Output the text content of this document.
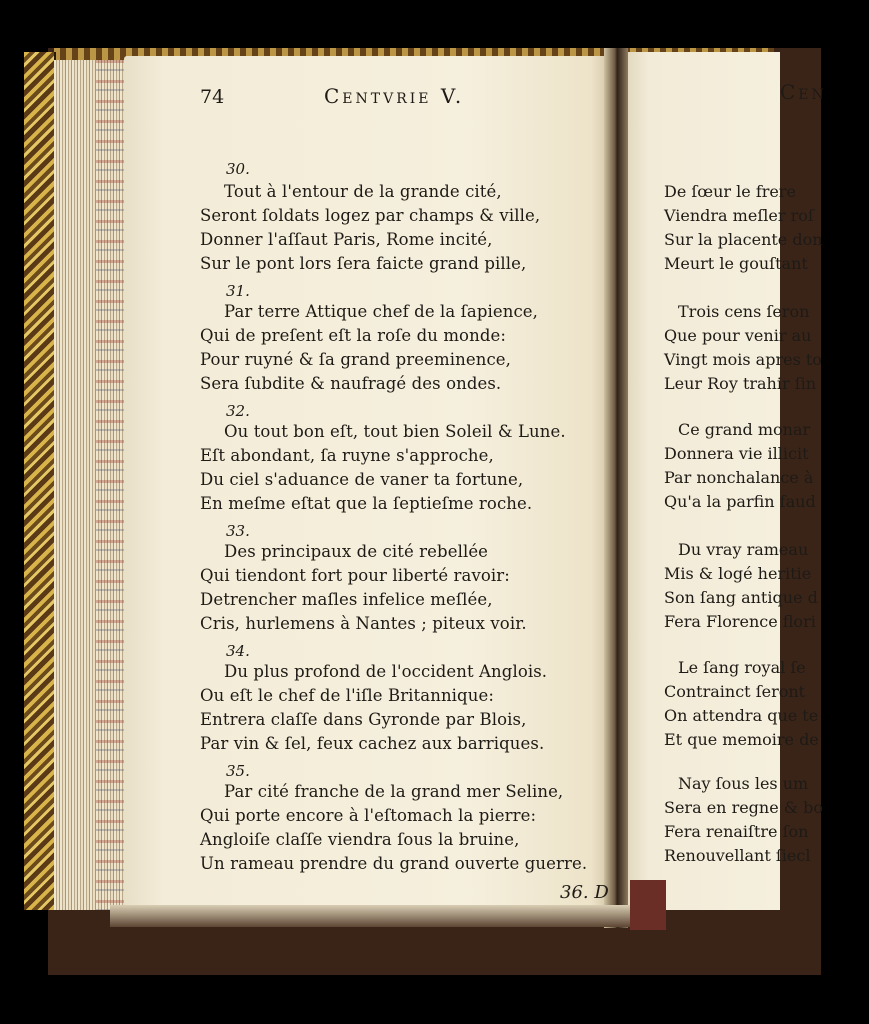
Cen
De ſœur le frere
Viendra meſler roſ
Sur la placente don
Meurt le gouſtant
Trois cens ſeron
Que pour venir au
Vingt mois apres to
Leur Roy trahir ſin
Ce grand monar
Donnera vie illicit
Par nonchalance à
Qu'a la parfin faud
Du vray rameau
Mis & logé heritie
Son ſang antique d
Fera Florence flori
Le ſang royal ſe
Contrainct ſeront
On attendra que te
Et que memoire de
Nay ſous les um
Sera en regne & bo
Fera renaiſtre ſon
Renouvellant ſiecl
74	Centvrie V.
30.
Tout à l'entour de la grande cité,
Seront ſoldats logez par champs & ville,
Donner l'aſſaut Paris, Rome incité,
Sur le pont lors ſera faicte grand pille,
31.
Par terre Attique chef de la ſapience,
Qui de preſent eſt la roſe du monde:
Pour ruyné & ſa grand preeminence,
Sera ſubdite & naufragé des ondes.
32.
Ou tout bon eſt, tout bien Soleil & Lune.
Eſt abondant, ſa ruyne s'approche,
Du ciel s'aduance de vaner ta fortune,
En meſme eſtat que la ſeptieſme roche.
33.
Des principaux de cité rebellée
Qui tiendont fort pour liberté ravoir:
Detrencher maſles infelice meſlée,
Cris, hurlemens à Nantes ; piteux voir.
34.
Du plus profond de l'occident Anglois.
Ou eſt le chef de l'iſle Britannique:
Entrera claſſe dans Gyronde par Blois,
Par vin & ſel, feux cachez aux barriques.
35.
Par cité franche de la grand mer Seline,
Qui porte encore à l'eſtomach la pierre:
Angloiſe claſſe viendra ſous la bruine,
Un rameau prendre du grand ouverte guerre.
36. D
